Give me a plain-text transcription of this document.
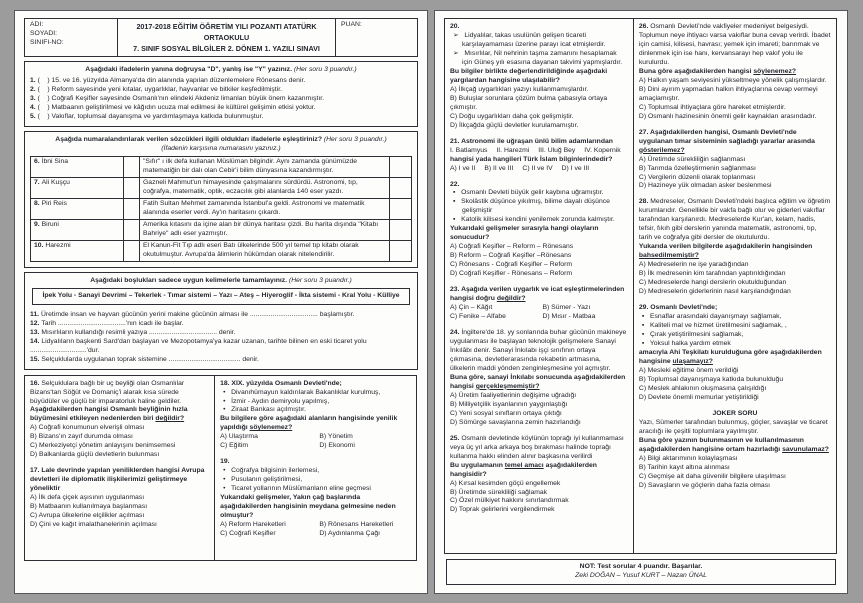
ADI:
SOYADI:
SINIFI-NO:
2017-2018 EĞİTİM ÖĞRETİM YILI POZANTI ATATÜRK ORTAOKULU
7. SINIF SOSYAL BİLGİLER 2. DÖNEM 1. YAZILI SINAVI
PUAN:
Aşağıdaki ifadelerin yanına doğruysa "D", yanlış ise "Y" yazınız. (Her soru 3 puandır.)
1. (    ) 15. ve 16. yüzyılda Almanya'da din alanında yapılan düzenlemelere Rönesans denir.
2. (    ) Reform sayesinde yeni kıtalar, uygarlıklar, hayvanlar ve bitkiler keşfedilmiştir.
3. (    ) Coğrafi Keşifler sayesinde Osmanlı'nın elindeki Akdeniz limanları büyük önem kazanmıştır.
4. (    ) Matbaanın geliştirilmesi ve kâğıdın ucuza mal edilmesi ile kültürel gelişimin etkisi yoktur.
5. (    ) Vakıflar, toplumsal dayanışma ve yardımlaşmaya katkıda bulunmuştur.
Aşağıda numaralandırılarak verilen sözcükleri ilgili oldukları ifadelerle eşleştiriniz? (Her soru 3 puandır.)
(İfadenin karşısına numarasını yazınız.)
6. İbni Sina		"Sıfır" ı ilk defa kullanan Müslüman bilgindir. Aynı zamanda günümüzde matematiğin bir dalı olan Cebir'i bilim dünyasına kazandırmıştır.	
7. Ali Kuşçu		Gazneli Mahmut'un himayesinde çalışmalarını sürdürdü. Astronomi, tıp, coğrafya, matematik, optik, eczacılık gibi alanlarda 140 eser yazdı.	
8. Piri Reis		Fatih Sultan Mehmet zamanında İstanbul'a geldi. Astronomi ve matematik alanında eserler verdi. Ay'ın haritasını çıkardı.	
9. Biruni		Amerika kıtasını da içine alan bir dünya haritası çizdi. Bu harita dışında "Kitabı Bahriye" adlı eser yazmıştır.	
10. Harezmi		El Kanun-Fit Tıp adlı eseri Batı ülkelerinde 500 yıl temel tıp kitabı olarak okutulmuştur. Avrupa'da âlimlerin hükümdan olarak nitelendirilir.	
Aşağıdaki boşlukları sadece uygun kelimelerle tamamlayınız. (Her soru 3 puandır.)
İpek Yolu - Sanayi Devrimi – Tekerlek - Tımar sistemi – Yazı – Ateş – Hiyeroglif - İkta sistemi - Kral Yolu - Külliye
11. Üretimde insan ve hayvan gücünün yerini makine gücünün alması ile .................................... başlamıştır.
12. Tarih ....................................'nın icadı ile başlar.
13. Mısırlıların kullandığı resimli yazıya .................................... denir.
14. Lidyalıların başkenti Sard'dan başlayan ve Mezopotamya'ya kazar uzanan, tarihte bilinen en eski ticaret yolu ..............................'dur.
15. Selçuklularda uygulanan toprak sistemine ...................................... denir.
16. Selçuklulara bağlı bir uç beyliği olan Osmanlılar Bizans'tan Söğüt ve Domaniç'i alarak kısa sürede büyüdüler ve güçlü bir imparatorluk haline geldiler. Aşağıdakilerden hangisi Osmanlı beyliğinin hızla büyümesini etkileyen nedenlerden biri değildir?
A) Coğrafi konumunun elverişli olması
B) Bizans'ın zayıf durumda olması
C) Merkeziyetçi yönetim anlayışını benimsemesi
D) Balkanlarda güçlü devletlerin bulunması
17. Lale devrinde yapılan yeniliklerden hangisi Avrupa devletleri ile diplomatik ilişkilerimizi geliştirmeye yöneliktir
A) İlk defa çiçek aşısının uygulanması
B) Matbaanın kullanılmaya başlanması
C) Avrupa ülkelerine elçilikler açılması
D) Çini ve kağıt imalathanelerinin açılması
18. XIX. yüzyılda Osmanlı Devleti'nde;
•   Divanıhümayun kaldırılarak Bakanlıklar kurulmuş,
•   İzmir - Aydın demiryolu yapılmış,
•   Ziraat Bankası açılmıştır.
Bu bilgilere göre aşağıdaki alanların hangisinde yenilik yapıldığı söylenemez?
A) Ulaştırma	B) Yönetim
C) Eğitim	D) Ekonomi
19.
•   Coğrafya bilgisinin ilerlemesi,
•   Pusulanın geliştirilmesi,
•   Ticaret yollarının Müslümanların eline geçmesi
Yukarıdaki gelişmeler, Yakın çağ başlarında aşağıdakilerden hangisinin meydana gelmesine neden olmuştur?
A) Reform Hareketleri	B) Rönesans Hareketleri
C) Coğrafi Keşifler	D) Aydınlanma Çağı
20.
➢   Lidyalılar, takas usulünün gelişen ticareti karşılayamaması üzerine parayı icat etmişlerdir.
➢   Mısırlılar, Nil nehrinin taşma zamanını hesaplamak için Güneş yılı esasına dayanan takvimi yapmışlardır.
Bu bilgiler birlikte değerlendirildiğinde aşağıdaki yargılardan hangisine ulaşılabilir?
A) İlkçağ uygarlıkları yazıyı kullanmamışlardır.
B) Buluşlar sorunlara çözüm bulma çabasıyla ortaya çıkmıştır.
C) Doğu uygarlıkları daha çok gelişmiştir.
D) İlkçağda güçlü devletler kurulamamıştır.
21. Astronomi ile uğraşan ünlü bilim adamlarından
I. Batlamyus II. Harezmi III. Uluğ Bey IV. Kopernik
hangisi yada hangileri Türk İslam bilginlerindedir?
A) I ve II B) II ve III C) II ve IV D) I ve III
22.
▪   Osmanlı Devleti büyük gelir kaybına uğramıştır.
▪   Skolâstik düşünce yıkılmış, bilime dayalı düşünce gelişmiştir
▪   Katolik kilisesi kendini yenilemek zorunda kalmıştır.
Yukarıdaki gelişmeler sırasıyla hangi olayların sonucudur?
A) Coğrafi Keşifler – Reform – Rönesans
B) Reform – Coğrafi Keşifler –Rönesans
C) Rönesans - Coğrafi Keşifler – Reform
D) Coğrafi Keşifler - Rönesans – Reform
23. Aşağıda verilen uygarlık ve icat eşleştirmelerinden hangisi doğru değildir?
A) Çin – Kâğıt	B) Sümer - Yazı
C) Fenike – Alfabe	D) Mısır - Matbaa
24. İngiltere'de 18. yy sonlarında buhar gücünün makineye uygulanması ile başlayan teknolojik gelişmelere Sanayi İnkılâbı denir. Sanayi İnkılabı işçi sınıfının ortaya çıkmasına, devletlerarasında rekabetin artmasına, ülkelerin maddi yönden zenginleşmesine yol açmıştır.
Buna göre, sanayi İnkılabı sonucunda aşağıdakilerden hangisi gerçekleşmemiştir?
A) Üretim faaliyetlerinin değişime uğradığı
B) Milliyetçilik isyanlarının yaygınlaştığı
C) Yeni sosyal sınıfların ortaya çıktığı
D) Sömürge savaşlarına zemin hazırlandığı
25. Osmanlı devletinde köylünün toprağı iyi kullanmaması veya üç yıl arka arkaya boş bırakması halinde toprağı kullanma hakkı elinden alınır başkasına verilirdi
Bu uygulamanın temel amacı aşağıdakilerden hangisidir?
A) Kırsal kesimden göçü engellemek
B) Üretimde sürekliliği sağlamak
C) Özel mülkiyet hakkını sınırlandırmak
D) Toprak gelirlerini vergilendirmek
26. Osmanlı Devleti'nde vakfiyeler medeniyet belgesiydi. Toplumun neye ihtiyacı varsa vakıflar buna cevap verirdi. İbadet için camisi, kilisesi, havrası; yemek için imareti; barınmak ve dinlenmek için ise hanı, kervansarayı hep vakıf yolu ile kurulurdu.
Buna göre aşağıdakilerden hangisi söylenemez?
A) Halkın yaşam seviyesini yükseltmeye yönelik çalışmışlardır.
B) Dini ayırım yapmadan halkın ihtiyaçlarına cevap vermeyi amaçlamıştır.
C) Toplumsal ihtiyaçlara göre hareket etmişlerdir.
D) Osmanlı hazinesinin önemli gelir kaynakları arasındadır.
27. Aşağıdakilerden hangisi, Osmanlı Devleti'nde uygulanan tımar sisteminin sağladığı yararlar arasında gösterilemez?
A) Üretimde sürekliliğin sağlanması
B) Tarımda özelleştirmenin sağlanması
C) Vergilerin düzenli olarak toplanması
D) Hazineye yük olmadan asker beslenmesi
28. Medreseler, Osmanlı Devleti'ndeki başlıca eğitim ve öğretim kurumlarıdır. Genellikle bir vakfa bağlı olur ve giderleri vakıflar tarafından karşılanırdı. Medreselerde Kur'an, kelam, hadis, tefsir, fıkıh gibi derslerin yanında matematik, astronomi, tıp, tarih ve coğrafya gibi dersler de okutulurdu.
Yukarıda verilen bilgilerde aşağıdakilerin hangisinden bahsedilmemiştir?
A) Medreselerin ne işe yaradığından
B) İlk medresenin kim tarafından yaptırıldığından
C) Medreselerde hangi derslerin okutulduğundan
D) Medreselerin giderlerinin nasıl karşılandığından
29. Osmanlı Devleti'nde;
▪   Esnaflar arasındaki dayanışmayı sağlamak,
▪   Kaliteli mal ve hizmet üretilmesini sağlamak, ,
▪   Çırak yetiştirilmesini sağlamak,
▪   Yoksul halka yardım etmek
amacıyla Ahi Teşkilatı kurulduğuna göre aşağıdakilerden hangisine ulaşamayız?
A) Mesleki eğitime önem verildiği
B) Toplumsal dayanışmaya katkıda bulunulduğu
C) Meslek ahlakının oluşmasına çalışıldığı
D) Devlete önemli memurlar yetiştirildiği
JOKER SORU
Yazı, Sümerler tarafından bulunmuş, göçler, savaşlar ve ticaret aracılığı ile çeşitli toplumlara yayılmıştır.
Buna göre yazının bulunmasının ve kullanılmasının aşağıdakilerden hangisine ortam hazırladığı savunulamaz?
A) Bilgi aktarımının kolaylaşması
B) Tarihin kayıt altına alınması
C) Geçmişe ait daha güvenilir bilgilere ulaşılması
D) Savaşların ve göçlerin daha fazla olması
NOT: Test sorular 4 puandır. Başarılar.
Zeki DOĞAN – Yusuf KURT – Nazan ÜNAL
